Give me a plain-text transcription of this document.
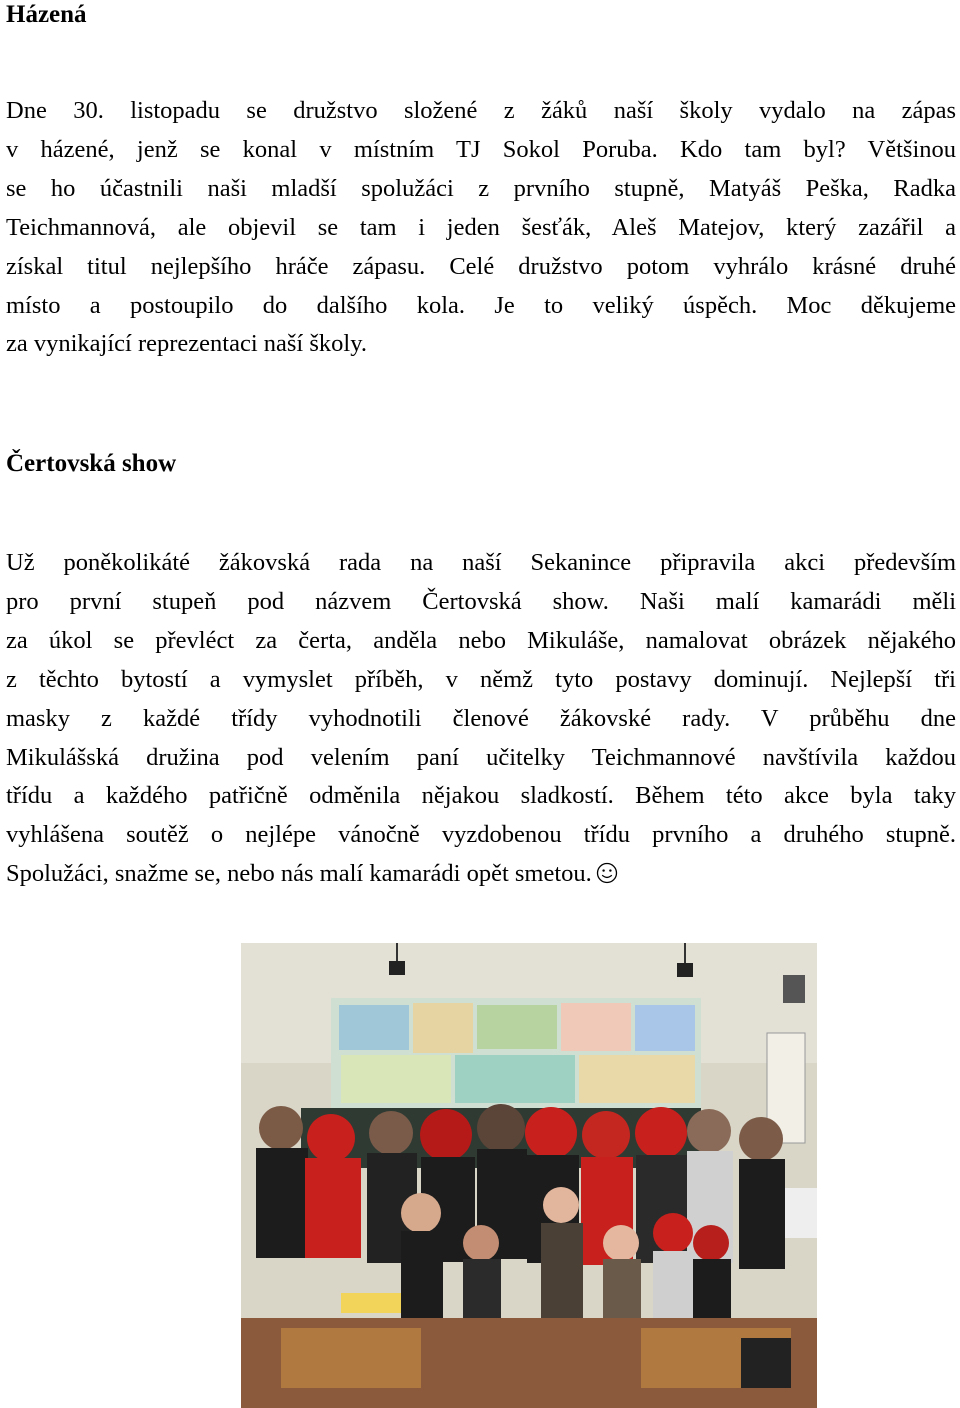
Házená

Dne 30. listopadu se družstvo složené z žáků naší školy vydalo na zápas
v házené, jenž se konal v místním TJ Sokol Poruba. Kdo tam byl? Většinou
se ho účastnili naši mladší spolužáci z prvního stupně, Matyáš Peška, Radka
Teichmannová, ale objevil se tam i jeden šesťák, Aleš Matejov, který zazářil a
získal titul nejlepšího hráče zápasu. Celé družstvo potom vyhrálo krásné druhé
místo a postoupilo do dalšího kola. Je to veliký úspěch. Moc děkujeme
za vynikající reprezentaci naší školy.

Čertovská show

Už poněkolikáté žákovská rada na naší Sekanince připravila akci především
pro první stupeň pod názvem Čertovská show. Naši malí kamarádi měli
za úkol se převléct za čerta, anděla nebo Mikuláše, namalovat obrázek nějakého
z těchto bytostí a vymyslet příběh, v němž tyto postavy dominují. Nejlepší tři
masky z každé třídy vyhodnotili členové žákovské rady. V průběhu dne
Mikulášská družina pod velením paní učitelky Teichmannové navštívila každou
třídu a každého patřičně odměnila nějakou sladkostí. Během této akce byla taky
vyhlášena soutěž o nejlépe vánočně vyzdobenou třídu prvního a druhého stupně.
Spolužáci, snažme se, nebo nás malí kamarádi opět smetou.
